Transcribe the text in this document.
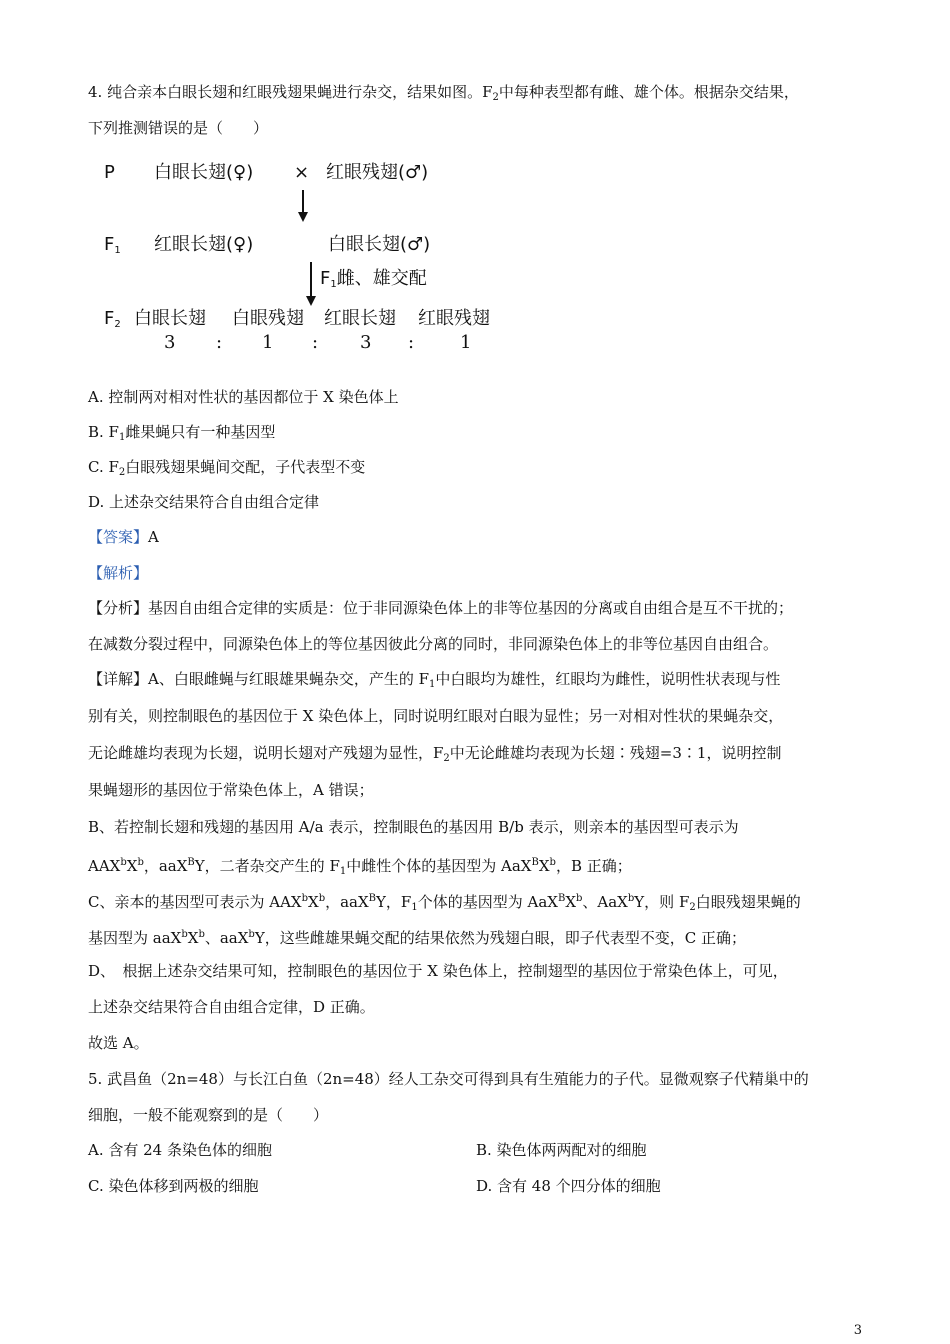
4. 纯合亲本白眼长翅和红眼残翅果蝇进行杂交，结果如图。$F_2$中每种表型都有雌、雄个体。根据杂交结果，
下列推测错误的是（　　）
P 白眼长翅(♀) × 红眼残翅(♂)
$F_1$ 红眼长翅(♀)	白眼长翅(♂)
$F_1$雌、雄交配
$F_2$ 白眼长翅 白眼残翅 红眼长翅 红眼残翅
3 : 1 : 3 :	1
A. 控制两对相对性状的基因都位于 X 染色体上
B. $F_1$雌果蝇只有一种基因型
C. $F_2$白眼残翅果蝇间交配，子代表型不变
D. 上述杂交结果符合自由组合定律
【答案】A
【解析】
【分析】基因自由组合定律的实质是：位于非同源染色体上的非等位基因的分离或自由组合是互不干扰的；
在减数分裂过程中，同源染色体上的等位基因彼此分离的同时，非同源染色体上的非等位基因自由组合。
【详解】A、白眼雌蝇与红眼雄果蝇杂交，产生的 $F_1$中白眼均为雄性，红眼均为雌性，说明性状表现与性
别有关，则控制眼色的基因位于 X 染色体上，同时说明红眼对白眼为显性；另一对相对性状的果蝇杂交，
无论雌雄均表现为长翅，说明长翅对产残翅为显性，$F_2$中无论雌雄均表现为长翅∶残翅=3∶1，说明控制
果蝇翅形的基因位于常染色体上，A 错误；
B、若控制长翅和残翅的基因用 A/a 表示，控制眼色的基因用 B/b 表示，则亲本的基因型可表示为
$AAX^bX^b$，aaX$^B$Y，二者杂交产生的 $F_1$中雌性个体的基因型为 $AaX^BX^b$，B 正确；
C、亲本的基因型可表示为 $AAX^bX^b$，aaX$^B$Y，$F_1$个体的基因型为 $AaX^BX^b$、AaX$^b$Y，则 $F_2$白眼残翅果蝇的
基因型为 $aaX^bX^b$、aaX$^b$Y，这些雌雄果蝇交配的结果依然为残翅白眼，即子代表型不变，C 正确；
D、　根据上述杂交结果可知，控制眼色的基因位于 X 染色体上，控制翅型的基因位于常染色体上，可见，
上述杂交结果符合自由组合定律，D 正确。
故选 A。
5. 武昌鱼（2n=48）与长江白鱼（2n=48）经人工杂交可得到具有生殖能力的子代。显微观察子代精巢中的
细胞，一般不能观察到的是（　　）
A. 含有 24 条染色体的细胞	B. 染色体两两配对的细胞
C. 染色体移到两极的细胞	D. 含有 48 个四分体的细胞
3
